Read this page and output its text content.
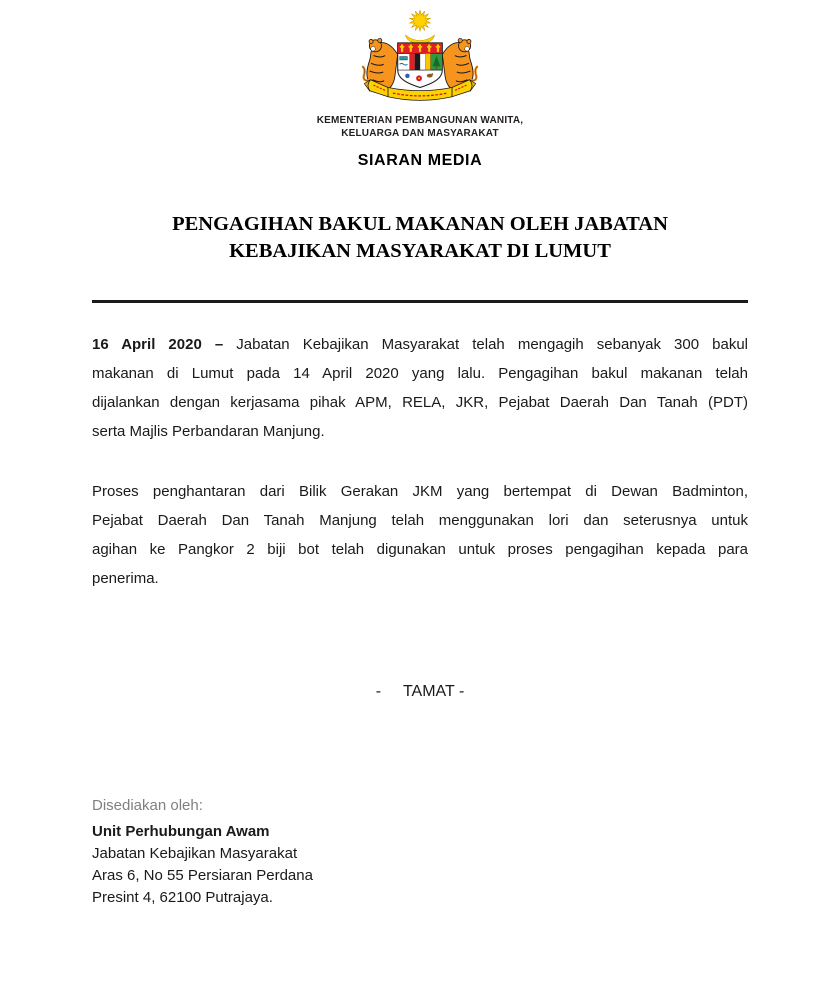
KEMENTERIAN PEMBANGUNAN WANITA,
KELUARGA DAN MASYARAKAT
SIARAN MEDIA
PENGAGIHAN BAKUL MAKANAN OLEH JABATAN
KEBAJIKAN MASYARAKAT DI LUMUT
16 April 2020 – Jabatan Kebajikan Masyarakat telah mengagih sebanyak 300 bakul
makanan di Lumut pada 14 April 2020 yang lalu. Pengagihan bakul makanan telah
dijalankan dengan kerjasama pihak APM, RELA, JKR, Pejabat Daerah Dan Tanah (PDT)
serta Majlis Perbandaran Manjung.
Proses penghantaran dari Bilik Gerakan JKM yang bertempat di Dewan Badminton,
Pejabat Daerah Dan Tanah Manjung telah menggunakan lori dan seterusnya untuk
agihan ke Pangkor 2 biji bot telah digunakan untuk proses pengagihan kepada para
penerima.
-     TAMAT -
Disediakan oleh:
Unit Perhubungan Awam
Jabatan Kebajikan Masyarakat
Aras 6, No 55 Persiaran Perdana
Presint 4, 62100 Putrajaya.
